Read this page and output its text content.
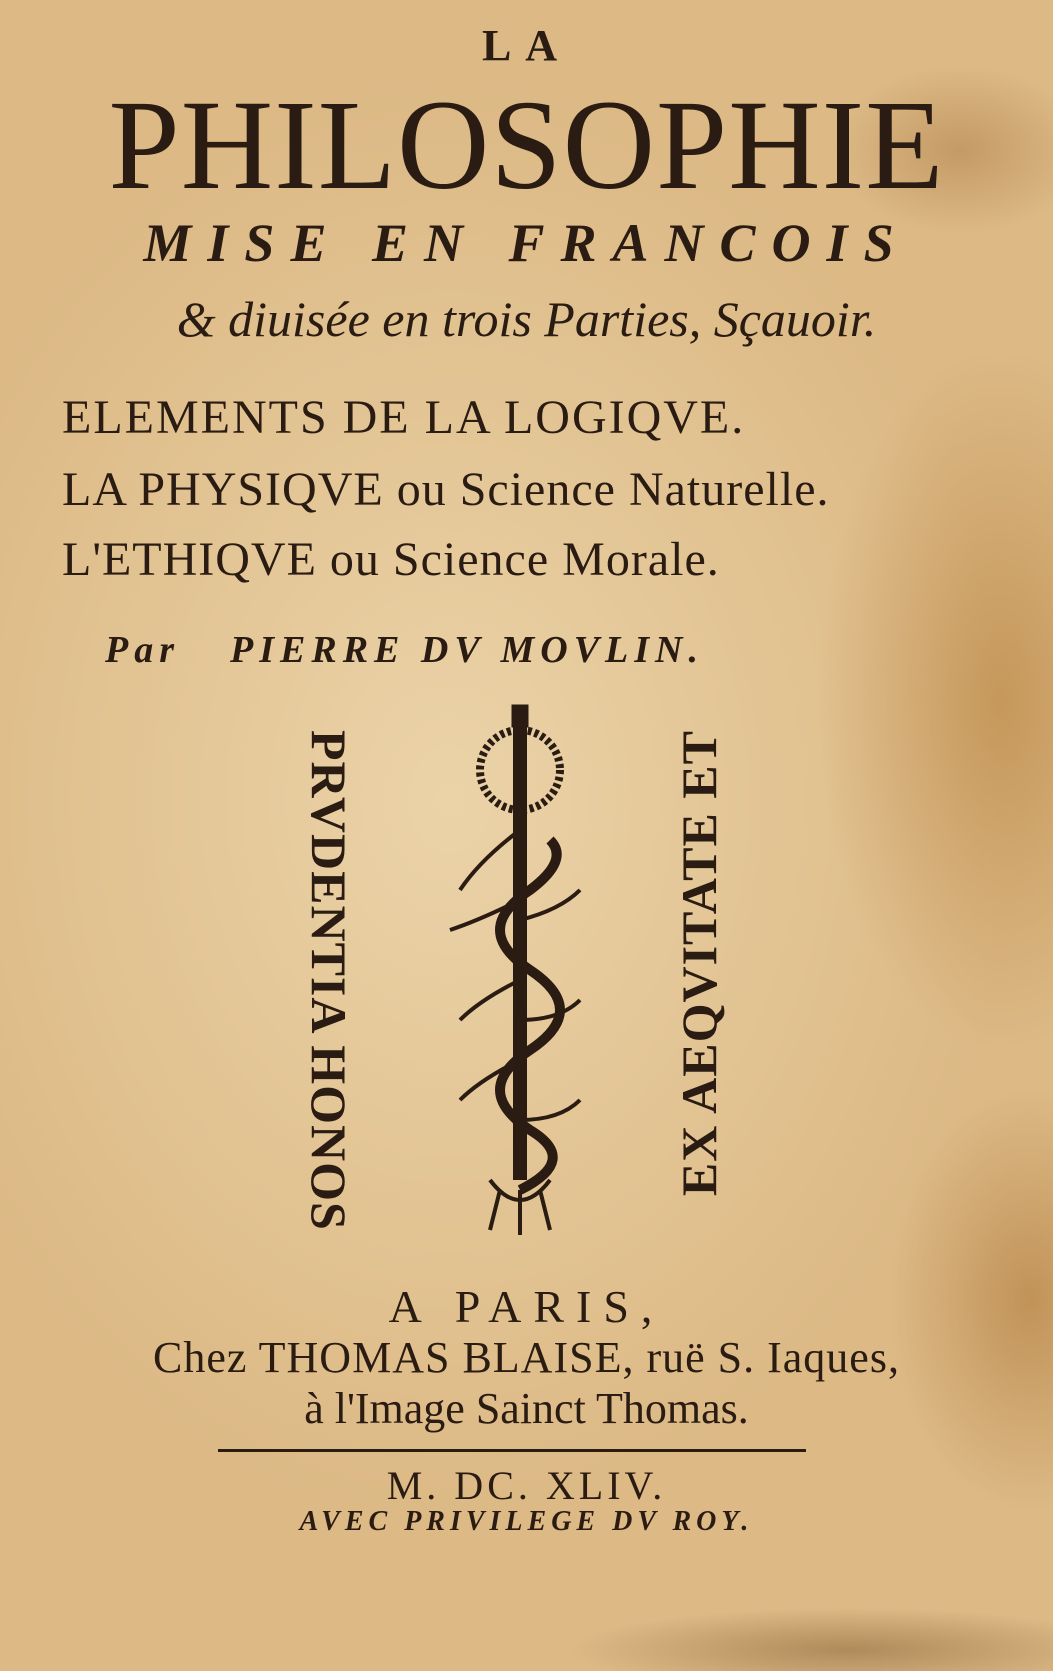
LA
PHILOSOPHIE
MISE EN FRANCOIS
& diuisée en trois Parties, Sçauoir.
ELEMENTS DE LA LOGIQVE.
LA PHYSIQVE ou Science Naturelle.
L'ETHIQVE ou Science Morale.
Par PIERRE DV MOVLIN.
PRVDENTIA HONOS	EX AEQVITATE ET
A PARIS,
Chez THOMAS BLAISE, ruë S. Iaques,
à l'Image Sainct Thomas.
M. DC. XLIV.
AVEC PRIVILEGE DV ROY.
